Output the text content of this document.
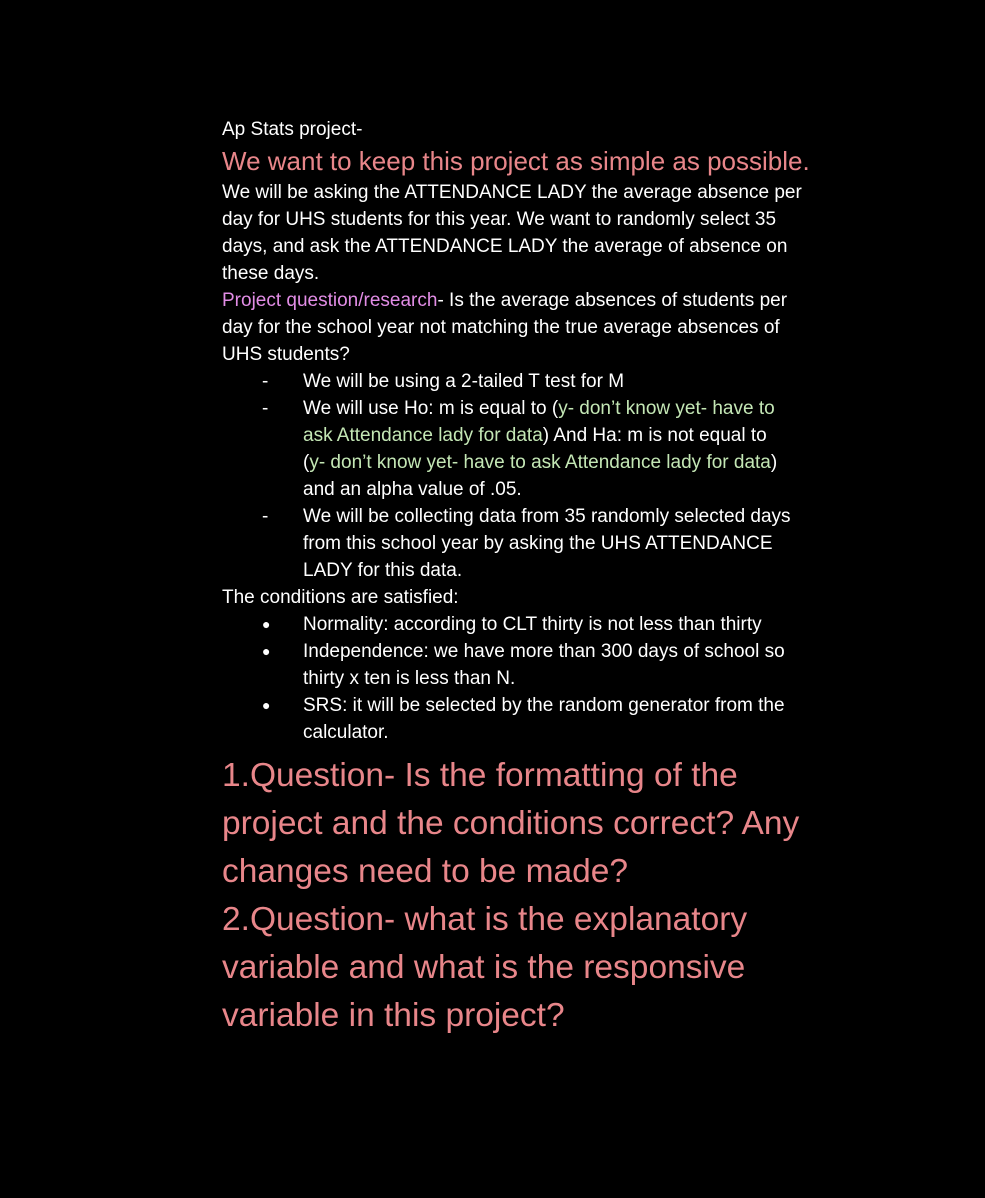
Ap Stats project-

We want to keep this project as simple as possible.

We will be asking the ATTENDANCE LADY the average absence per day for UHS students for this year. We want to randomly select 35 days, and ask the ATTENDANCE LADY the average of absence on these days.

Project question/research- Is the average absences of students per day for the school year not matching the true average absences of UHS students?

-	We will be using a 2-tailed T test for M
-	We will use Ho: m is equal to (y- don’t know yet- have to ask Attendance lady for data) And Ha: m is not equal to (y- don’t know yet- have to ask Attendance lady for data) and an alpha value of .05.
-	We will be collecting data from 35 randomly selected days from this school year by asking the UHS ATTENDANCE LADY for this data.

The conditions are satisfied:

●	Normality: according to CLT thirty is not less than thirty
●	Independence: we have more than 300 days of school so thirty x ten is less than N.
●	SRS: it will be selected by the random generator from the calculator.

1.Question- Is the formatting of the project and the conditions correct? Any changes need to be made?

2.Question- what is the explanatory variable and what is the responsive variable in this project?
